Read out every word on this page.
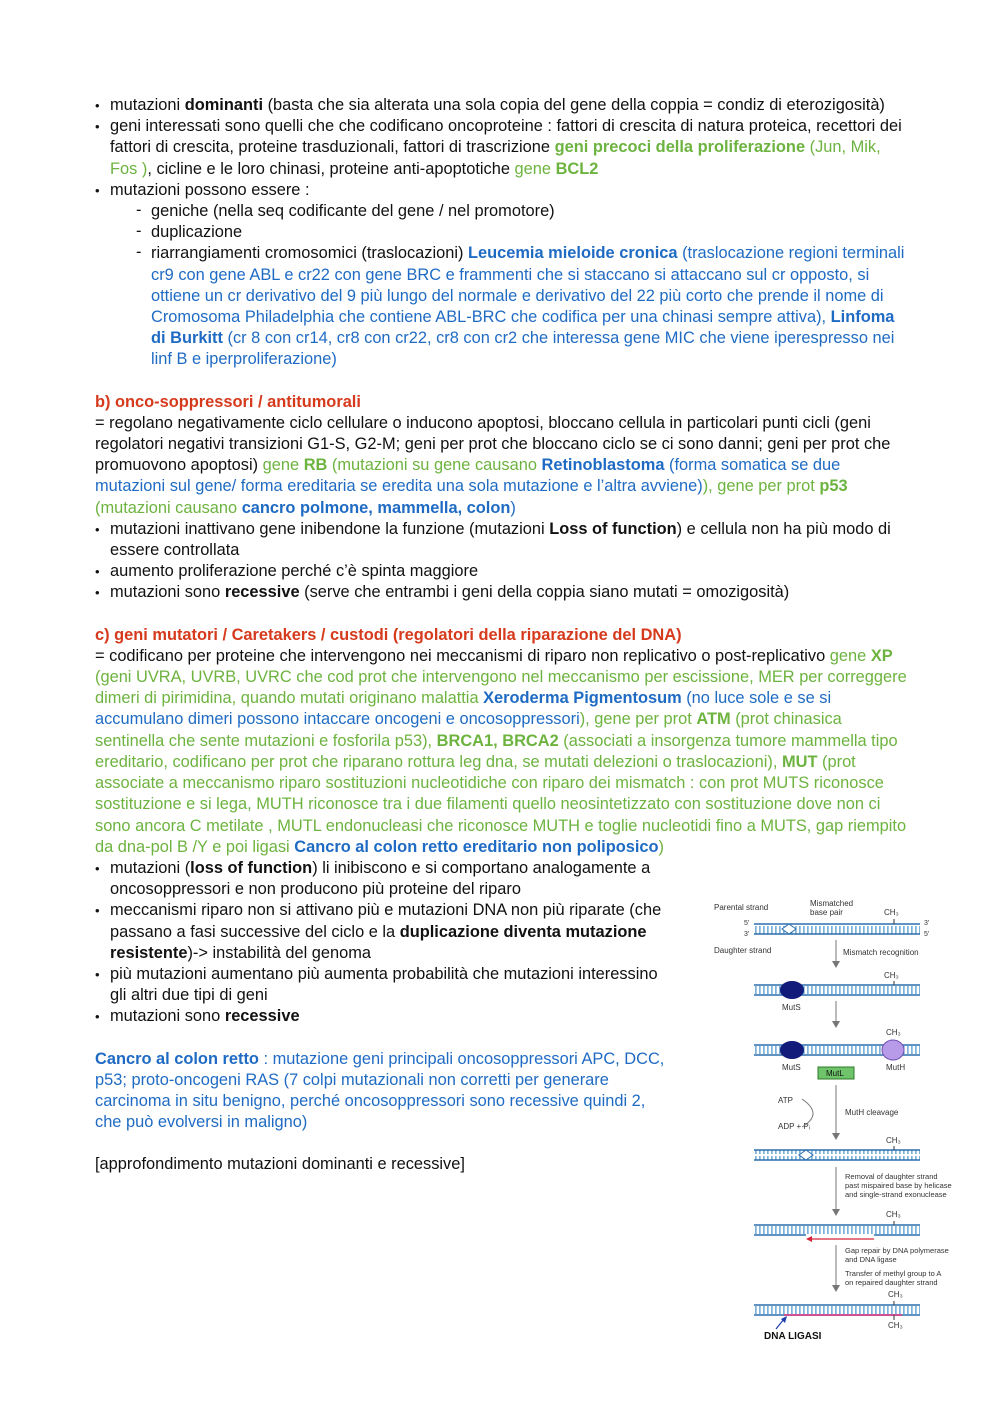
• mutazioni dominanti (basta che sia alterata una sola copia del gene della coppia = condiz di eterozigosità)
• geni interessati sono quelli che che codificano oncoproteine : fattori di crescita di natura proteica, recettori dei fattori di crescita, proteine trasduzionali, fattori di trascrizione geni precoci della proliferazione (Jun, Mik, Fos ), cicline e le loro chinasi, proteine anti-apoptotiche gene BCL2
• mutazioni possono essere :
- geniche (nella seq codificante del gene / nel promotore)
- duplicazione
- riarrangiamenti cromosomici (traslocazioni) Leucemia mieloide cronica (traslocazione regioni terminali cr9 con gene ABL e cr22 con gene BRC e frammenti che si staccano si attaccano sul cr opposto, si ottiene un cr derivativo del 9 più lungo del normale e derivativo del 22 più corto che prende il nome di Cromosoma Philadelphia che contiene ABL-BRC che codifica per una chinasi sempre attiva), Linfoma di Burkitt (cr 8 con cr14, cr8 con cr22, cr8 con cr2 che interessa gene MIC che viene iperespresso nei linf B e iperproliferazione)
b) onco-soppressori / antitumorali
= regolano negativamente ciclo cellulare o inducono apoptosi, bloccano cellula in particolari punti cicli (geni regolatori negativi transizioni G1-S, G2-M; geni per prot che bloccano ciclo se ci sono danni; geni per prot che promuovono apoptosi) gene RB (mutazioni su gene causano Retinoblastoma (forma somatica se due mutazioni sul gene/ forma ereditaria se eredita una sola mutazione e l’altra avviene)), gene per prot p53 (mutazioni causano cancro polmone, mammella, colon)
• mutazioni inattivano gene inibendone la funzione (mutazioni Loss of function) e cellula non ha più modo di essere controllata
• aumento proliferazione perché c’è spinta maggiore
• mutazioni sono recessive (serve che entrambi i geni della coppia siano mutati = omozigosità)
c) geni mutatori / Caretakers / custodi (regolatori della riparazione del DNA)
= codificano per proteine che intervengono nei meccanismi di riparo non replicativo o post-replicativo gene XP (geni UVRA, UVRB, UVRC che cod prot che intervengono nel meccanismo per escissione, MER per correggere dimeri di pirimidina, quando mutati originano malattia Xeroderma Pigmentosum (no luce sole e se si accumulano dimeri possono intaccare oncogeni e oncosoppressori), gene per prot ATM (prot chinasica sentinella che sente mutazioni e fosforila p53), BRCA1, BRCA2 (associati a insorgenza tumore mammella tipo ereditario, codificano per prot che riparano rottura leg dna, se mutati delezioni o traslocazioni), MUT (prot associate a meccanismo riparo sostituzioni nucleotidiche con riparo dei mismatch : con prot MUTS riconosce sostituzione e si lega, MUTH riconosce tra i due filamenti quello neosintetizzato con sostituzione dove non ci sono ancora C metilate , MUTL endonucleasi che riconosce MUTH e toglie nucleotidi fino a MUTS, gap riempito da dna-pol B /Y e poi ligasi Cancro al colon retto ereditario non poliposico)
• mutazioni (loss of function) li inibiscono e si comportano analogamente a oncosoppressori e non producono più proteine del riparo
• meccanismi riparo non si attivano più e mutazioni DNA non più riparate (che passano a fasi successive del ciclo e la duplicazione diventa mutazione resistente)-> instabilità del genoma
• più mutazioni aumentano più aumenta probabilità che mutazioni interessino gli altri due tipi di geni
• mutazioni sono recessive
Cancro al colon retto : mutazione geni principali oncosoppressori APC, DCC, p53; proto-oncogeni RAS (7 colpi mutazionali non corretti per generare carcinoma in situ benigno, perché oncosoppressori sono recessive quindi 2, che può evolversi in maligno)
[approfondimento mutazioni dominanti e recessive]
Parental strand	Mismatched
base pair	CH₃
5'
3'
3'
5'
Daughter strand	Mismatch recognition
CH₃
MutS
CH₃
MutS	MutH
MutL
ATP
ADP + Pᵢ
MutH cleavage
CH₃
Removal of daughter strand
past mispaired base by helicase
and single-strand exonuclease
CH₃
Gap repair by DNA polymerase
and DNA ligase
Transfer of methyl group to A
on repaired daughter strand
CH₃
CH₃
DNA LIGASI
